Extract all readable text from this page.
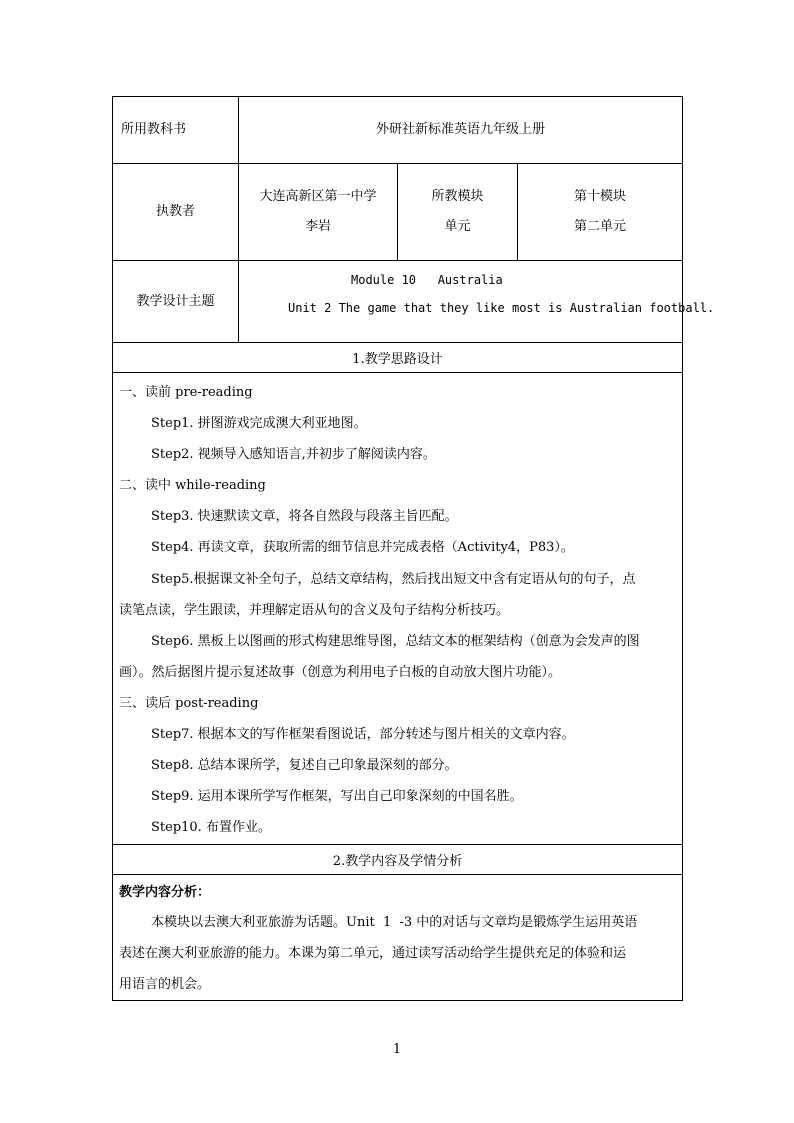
所用教科书	外研社新标准英语九年级上册
执教者
大连高新区第一中学
李岩
所教模块
单元
第十模块
第二单元
教学设计主题
Module 10   Australia
Unit 2 The game that they like most is Australian football.
1.教学思路设计
一、读前 pre-reading
Step1. 拼图游戏完成澳大利亚地图。
Step2. 视频导入感知语言,并初步了解阅读内容。
二、读中 while-reading
Step3. 快速默读文章，将各自然段与段落主旨匹配。
Step4. 再读文章，获取所需的细节信息并完成表格（Activity4，P83）。
Step5.根据课文补全句子，总结文章结构，然后找出短文中含有定语从句的句子，点
读笔点读，学生跟读，并理解定语从句的含义及句子结构分析技巧。
Step6. 黑板上以图画的形式构建思维导图，总结文本的框架结构（创意为会发声的图
画）。然后据图片提示复述故事（创意为利用电子白板的自动放大图片功能）。
三、读后 post-reading
Step7. 根据本文的写作框架看图说话，部分转述与图片相关的文章内容。
Step8. 总结本课所学，复述自己印象最深刻的部分。
Step9. 运用本课所学写作框架，写出自己印象深刻的中国名胜。
Step10. 布置作业。
2.教学内容及学情分析
教学内容分析：
本模块以去澳大利亚旅游为话题。Unit  1  -3 中的对话与文章均是锻炼学生运用英语
表述在澳大利亚旅游的能力。本课为第二单元，通过读写活动给学生提供充足的体验和运
用语言的机会。
1
